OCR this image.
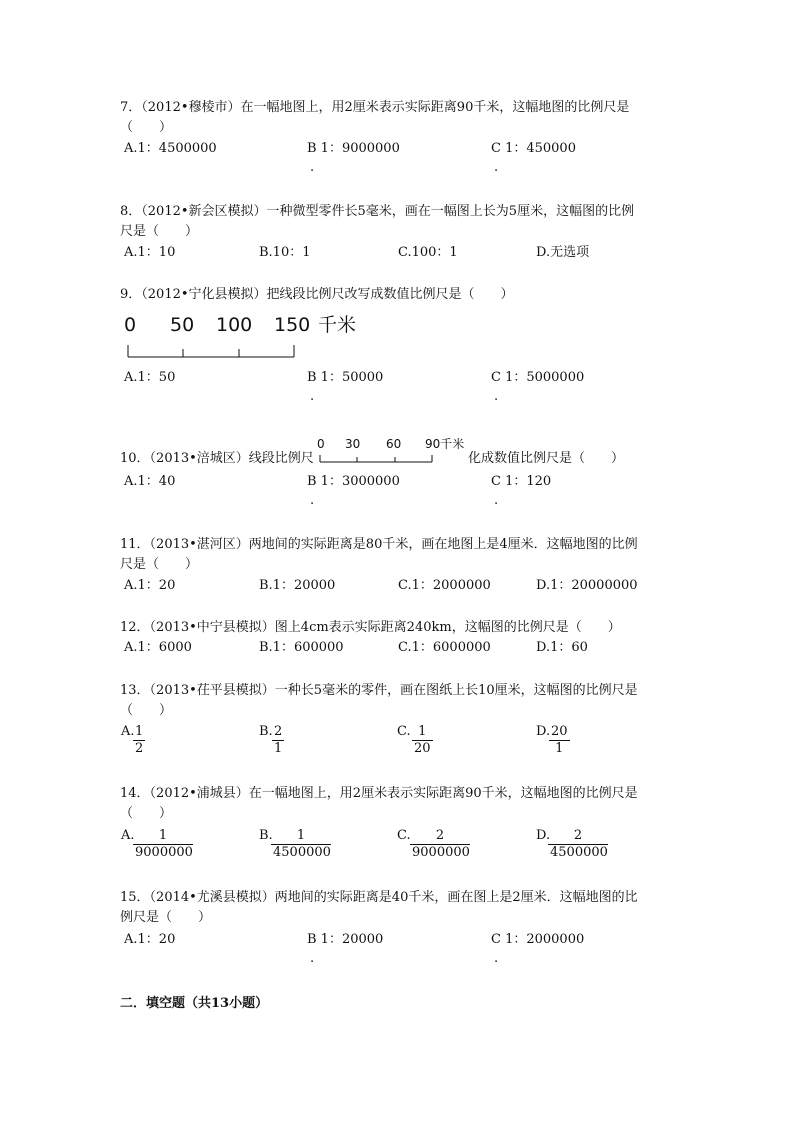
7．（2012•穆棱市）在一幅地图上，用2厘米表示实际距离90千米，这幅地图的比例尺是
（　　）
A.1：4500000	B 1：9000000	C 1：450000
.	.
8．（2012•新会区模拟）一种微型零件长5毫米，画在一幅图上长为5厘米，这幅图的比例
尺是（　　）
A.1：10	B.10：1	C.100：1	D.无选项
9．（2012•宁化县模拟）把线段比例尺改写成数值比例尺是（　　）
0 50 100 150 千米
A.1：50	B 1：50000	C 1：5000000
.	.
10．（2013•涪城区）线段比例尺
0 30 60 90千米
化成数值比例尺是（　　）
A.1：40	B 1：3000000	C 1：120
.	.
11．（2013•湛河区）两地间的实际距离是80千米，画在地图上是4厘米．这幅地图的比例
尺是（　　）
A.1：20	B.1：20000	C.1：2000000	D.1：20000000
12．（2013•中宁县模拟）图上4cm表示实际距离240km，这幅图的比例尺是（　　）
A.1：6000	B.1：600000	C.1：6000000	D.1：60
13．（2013•茌平县模拟）一种长5毫米的零件，画在图纸上长10厘米，这幅图的比例尺是
（　　）
A.
$\frac{1}{2}$	B. $\frac{2}{1}$	C. $\frac{1}{20}$	D.
$\frac{20}{1}$
14．（2012•浦城县）在一幅地图上，用2厘米表示实际距离90千米，这幅地图的比例尺是
（　　）
A.
$\frac{1}{9000000}$	B.
$\frac{1}{4500000}$	C. $\frac{2}{9000000}$	D.
$\frac{2}{4500000}$
15．（2014•尤溪县模拟）两地间的实际距离是40千米，画在图上是2厘米．这幅地图的比
例尺是（　　）
A.1：20	B 1：20000	C 1：2000000
.	.
二．填空题（共13小题）
